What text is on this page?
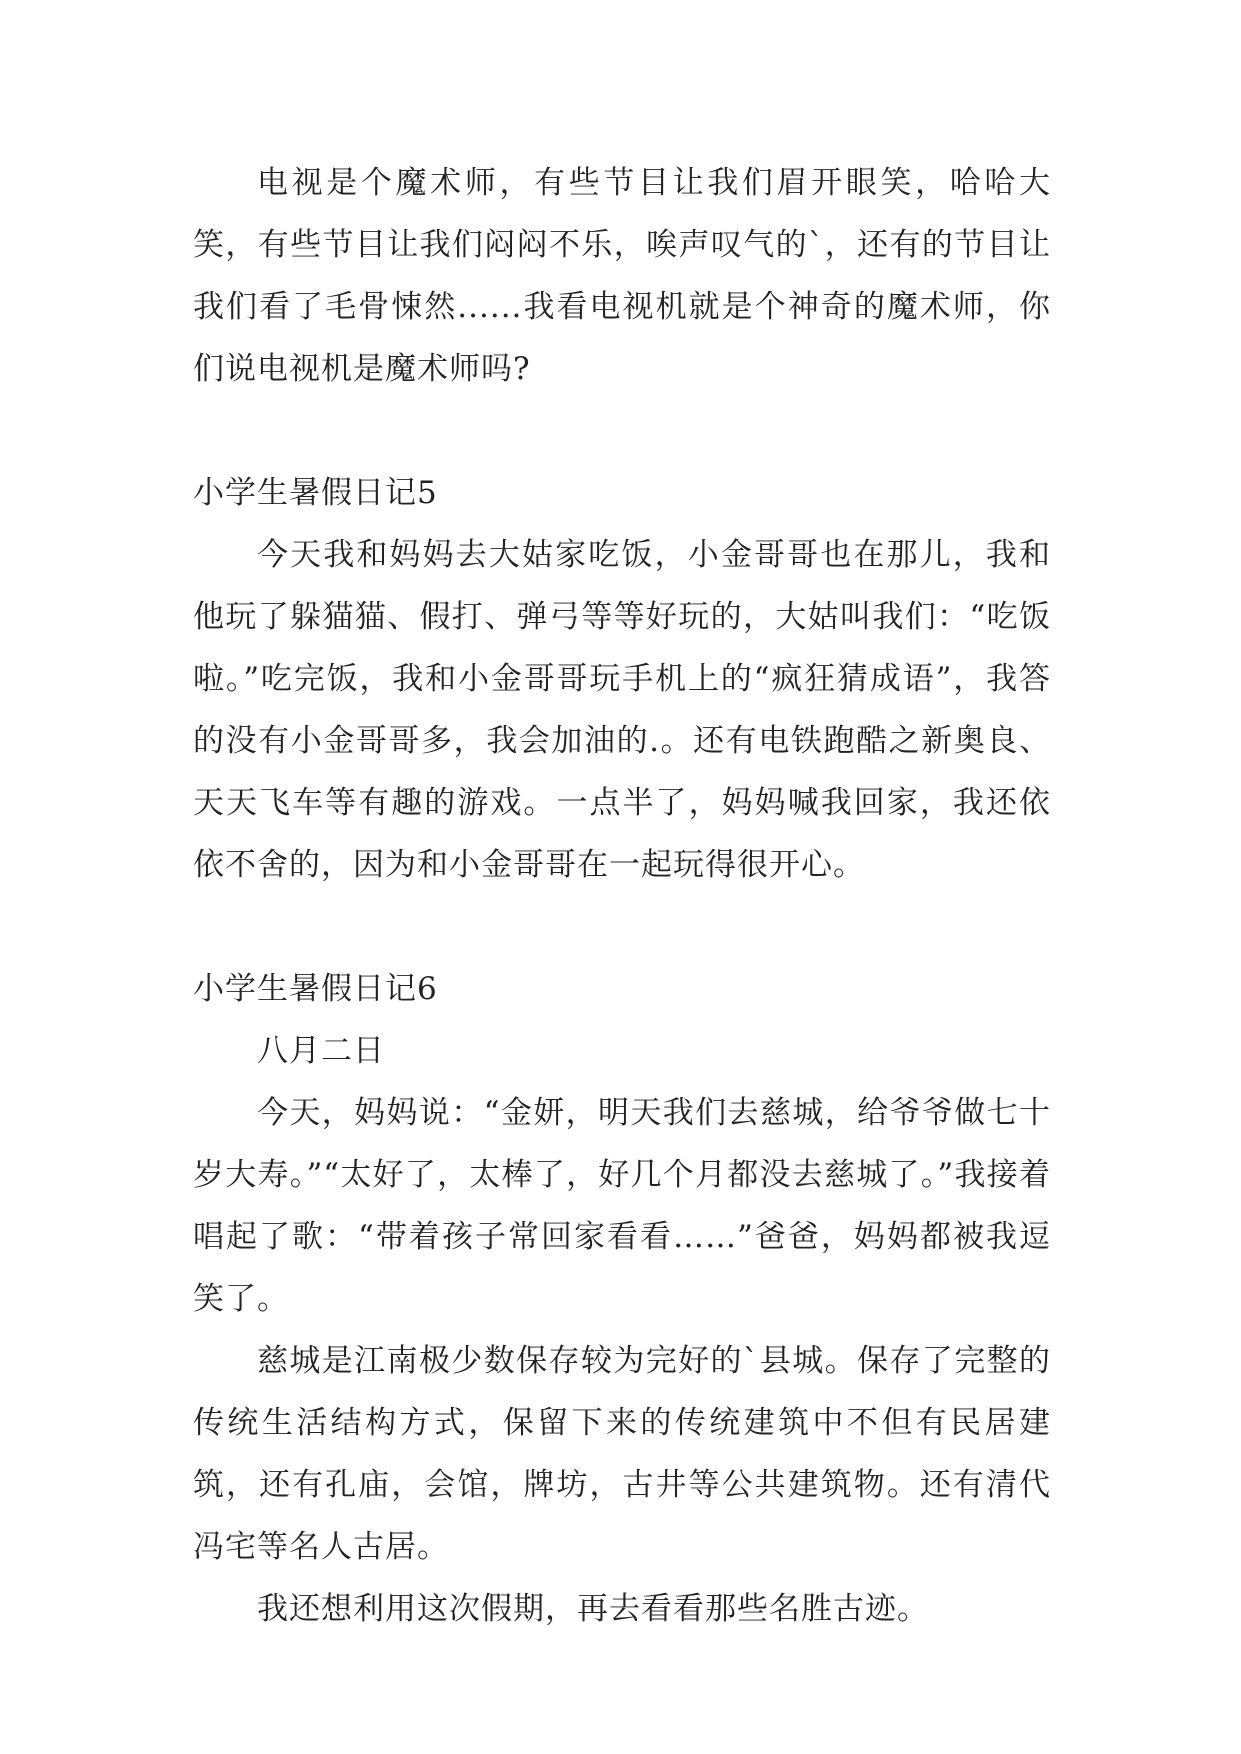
电视是个魔术师，有些节目让我们眉开眼笑，哈哈大笑，有些节目让我们闷闷不乐，唉声叹气的`，还有的节目让我们看了毛骨悚然......我看电视机就是个神奇的魔术师，你们说电视机是魔术师吗?

小学生暑假日记5

今天我和妈妈去大姑家吃饭，小金哥哥也在那儿，我和他玩了躲猫猫、假打、弹弓等等好玩的，大姑叫我们：“吃饭啦。”吃完饭，我和小金哥哥玩手机上的“疯狂猜成语”，我答的没有小金哥哥多，我会加油的.。还有电铁跑酷之新奥良、天天飞车等有趣的游戏。一点半了，妈妈喊我回家，我还依依不舍的，因为和小金哥哥在一起玩得很开心。

小学生暑假日记6

八月二日

今天，妈妈说：“金妍，明天我们去慈城，给爷爷做七十岁大寿。”“太好了，太棒了，好几个月都没去慈城了。”我接着唱起了歌：“带着孩子常回家看看……”爸爸，妈妈都被我逗笑了。

慈城是江南极少数保存较为完好的`县城。保存了完整的传统生活结构方式，保留下来的传统建筑中不但有民居建筑，还有孔庙，会馆，牌坊，古井等公共建筑物。还有清代冯宅等名人古居。

我还想利用这次假期，再去看看那些名胜古迹。
